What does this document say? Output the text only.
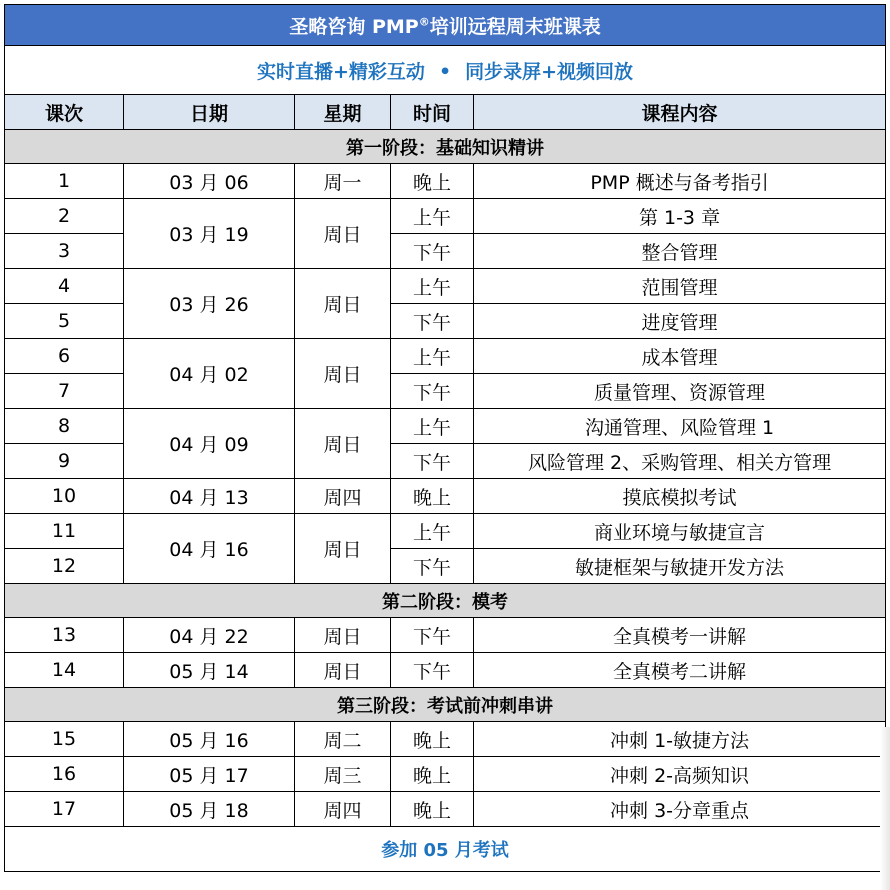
圣略咨询 PMP®培训远程周末班课表				
实时直播+精彩互动 • 同步录屏+视频回放				
课次	日期	星期	时间	课程内容
第一阶段：基础知识精讲				
1	03 月 06	周一	晚上	PMP 概述与备考指引
2	03 月 19	周日	上午	第 1-3 章
3			下午	整合管理
4	03 月 26	周日	上午	范围管理
5			下午	进度管理
6	04 月 02	周日	上午	成本管理
7			下午	质量管理、资源管理
8	04 月 09	周日	上午	沟通管理、风险管理 1
9			下午	风险管理 2、采购管理、相关方管理
10	04 月 13	周四	晚上	摸底模拟考试
11	04 月 16	周日	上午	商业环境与敏捷宣言
12			下午	敏捷框架与敏捷开发方法
第二阶段：模考				
13	04 月 22	周日	下午	全真模考一讲解
14	05 月 14	周日	下午	全真模考二讲解
第三阶段：考试前冲刺串讲				
15	05 月 16	周二	晚上	冲刺 1-敏捷方法
16	05 月 17	周三	晚上	冲刺 2-高频知识
17	05 月 18	周四	晚上	冲刺 3-分章重点
参加 05 月考试				
